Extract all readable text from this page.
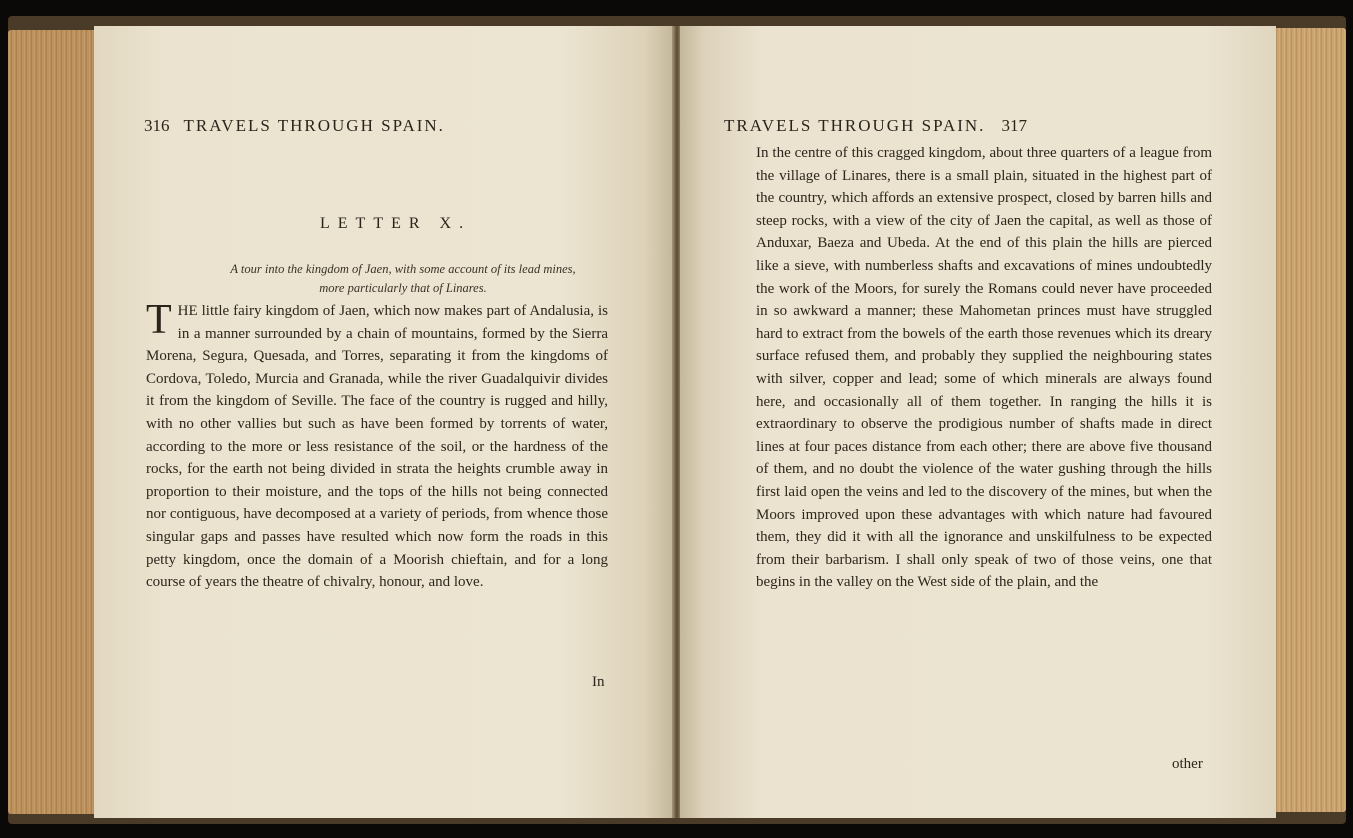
316 TRAVELS THROUGH SPAIN.
LETTER X.
A tour into the kingdom of Jaen, with some account of its lead mines, more particularly that of Linares.
THE little fairy kingdom of Jaen, which now makes part of Andalusia, is in a manner surrounded by a chain of mountains, formed by the Sierra Morena, Segura, Quesada, and Torres, separating it from the kingdoms of Cordova, Toledo, Murcia and Granada, while the river Guadalquivir divides it from the kingdom of Seville. The face of the country is rugged and hilly, with no other vallies but such as have been formed by torrents of water, according to the more or less resistance of the soil, or the hardness of the rocks, for the earth not being divided in strata the heights crumble away in proportion to their moisture, and the tops of the hills not being connected nor contiguous, have decomposed at a variety of periods, from whence those singular gaps and passes have resulted which now form the roads in this petty kingdom, once the domain of a Moorish chieftain, and for a long course of years the theatre of chivalry, honour, and love.
In
TRAVELS THROUGH SPAIN. 317
In the centre of this cragged kingdom, about three quarters of a league from the village of Linares, there is a small plain, situated in the highest part of the country, which affords an extensive prospect, closed by barren hills and steep rocks, with a view of the city of Jaen the capital, as well as those of Anduxar, Baeza and Ubeda. At the end of this plain the hills are pierced like a sieve, with numberless shafts and excavations of mines undoubtedly the work of the Moors, for surely the Romans could never have proceeded in so awkward a manner; these Mahometan princes must have struggled hard to extract from the bowels of the earth those revenues which its dreary surface refused them, and probably they supplied the neighbouring states with silver, copper and lead; some of which minerals are always found here, and occasionally all of them together. In ranging the hills it is extraordinary to observe the prodigious number of shafts made in direct lines at four paces distance from each other; there are above five thousand of them, and no doubt the violence of the water gushing through the hills first laid open the veins and led to the discovery of the mines, but when the Moors improved upon these advantages with which nature had favoured them, they did it with all the ignorance and unskilfulness to be expected from their barbarism. I shall only speak of two of those veins, one that begins in the valley on the West side of the plain, and the
other
